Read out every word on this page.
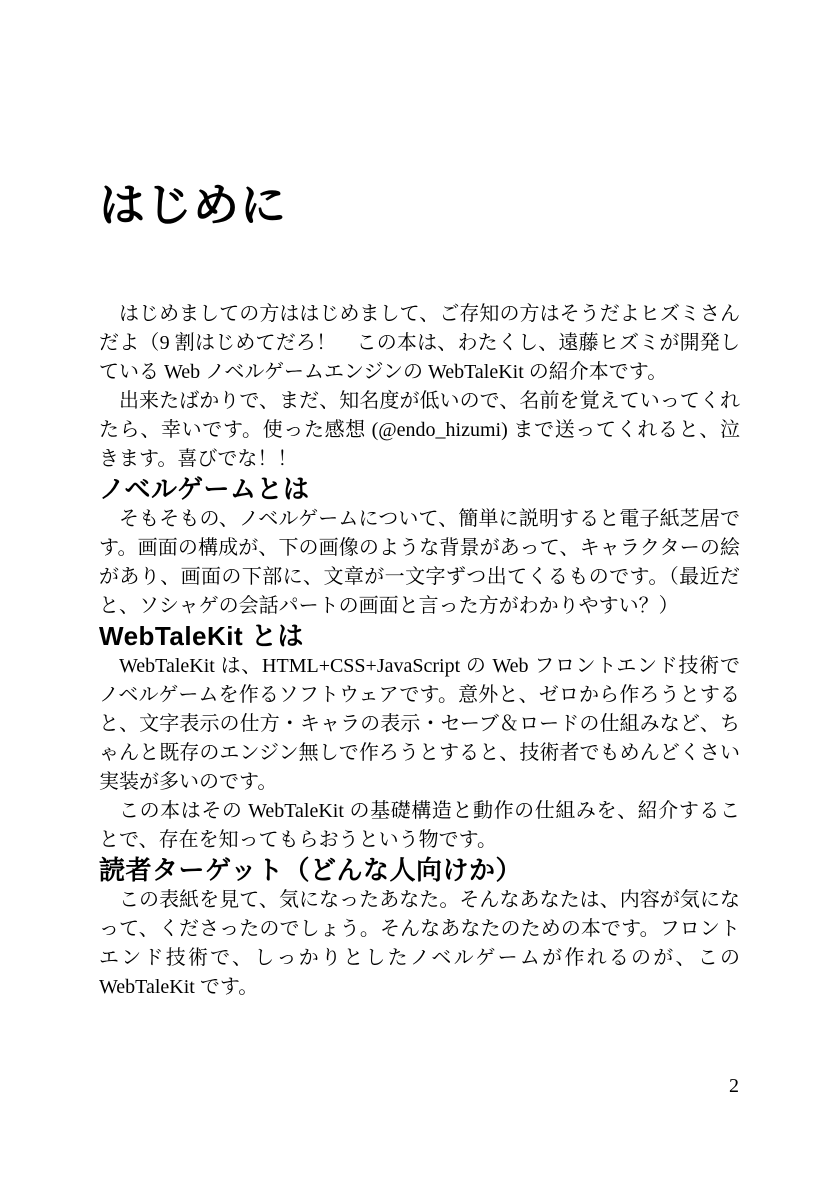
はじめに

はじめましての方ははじめまして、ご存知の方はそうだよヒズミさんだよ（9 割はじめてだろ！　この本は、わたくし、遠藤ヒズミが開発している Web ノベルゲームエンジンの WebTaleKit の紹介本です。

出来たばかりで、まだ、知名度が低いので、名前を覚えていってくれたら、幸いです。使った感想 (@endo_hizumi) まで送ってくれると、泣きます。喜びでな！！

ノベルゲームとは

そもそもの、ノベルゲームについて、簡単に説明すると電子紙芝居です。画面の構成が、下の画像のような背景があって、キャラクターの絵があり、画面の下部に、文章が一文字ずつ出てくるものです。（最近だと、ソシャゲの会話パートの画面と言った方がわかりやすい？）

WebTaleKit とは

WebTaleKit は、HTML+CSS+JavaScript の Web フロントエンド技術でノベルゲームを作るソフトウェアです。意外と、ゼロから作ろうとすると、文字表示の仕方・キャラの表示・セーブ＆ロードの仕組みなど、ちゃんと既存のエンジン無しで作ろうとすると、技術者でもめんどくさい実装が多いのです。

この本はその WebTaleKit の基礎構造と動作の仕組みを、紹介することで、存在を知ってもらおうという物です。

読者ターゲット（どんな人向けか）

この表紙を見て、気になったあなた。そんなあなたは、内容が気になって、くださったのでしょう。そんなあなたのための本です。フロントエンド技術で、しっかりとしたノベルゲームが作れるのが、この WebTaleKit です。

2
